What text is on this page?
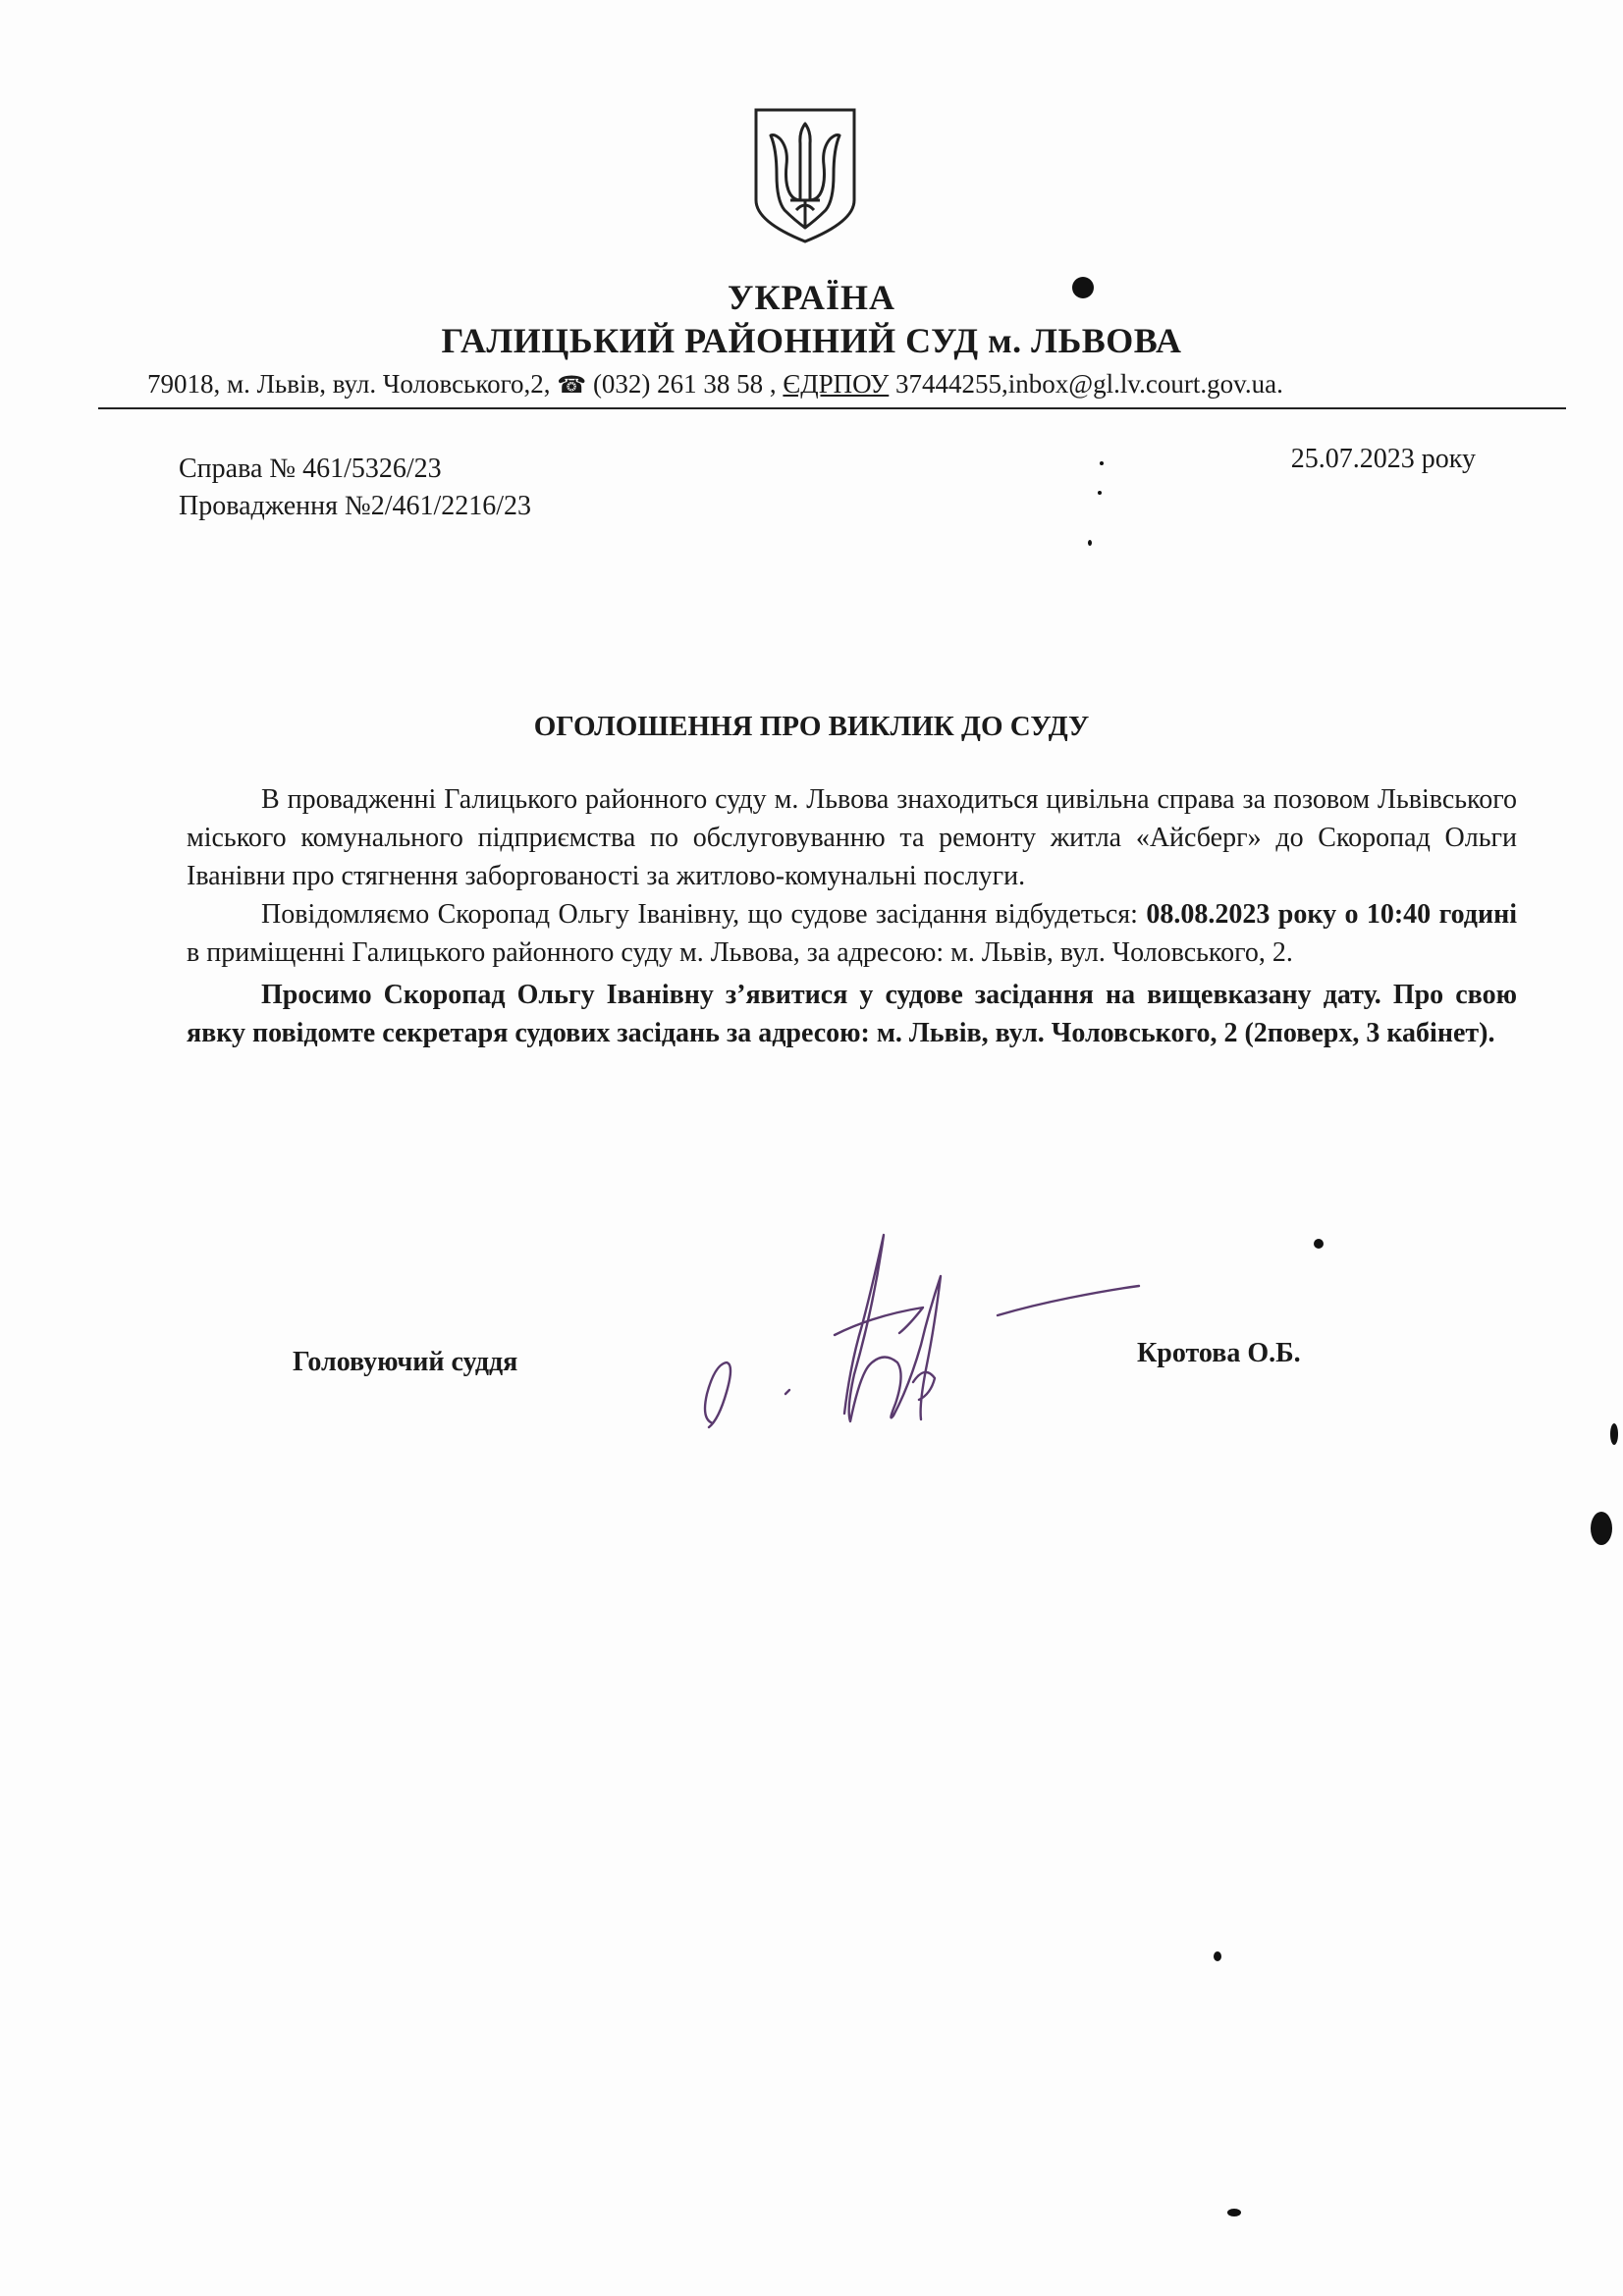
УКРАЇНА
ГАЛИЦЬКИЙ РАЙОННИЙ СУД м. ЛЬВОВА
79018, м. Львів, вул. Чоловського,2, ☎ (032) 261 38 58 , ЄДРПОУ 37444255,inbox@gl.lv.court.gov.ua.
Справа № 461/5326/23
Провадження №2/461/2216/23
25.07.2023 року
ОГОЛОШЕННЯ ПРО ВИКЛИК ДО СУДУ

В провадженні Галицького районного суду м. Львова знаходиться цивільна справа за позовом Львівського міського комунального підприємства по обслуговуванню та ремонту житла «Айсберг» до Скоропад Ольги Іванівни про стягнення заборгованості за житлово-комунальні послуги.

Повідомляємо Скоропад Ольгу Іванівну, що судове засідання відбудеться: 08.08.2023 року о 10:40 годині в приміщенні Галицького районного суду м. Львова, за адресою: м. Львів, вул. Чоловського, 2.

Просимо Скоропад Ольгу Іванівну з’явитися у судове засідання на вищевказану дату. Про свою явку повідомте секретаря судових засідань за адресою: м. Львів, вул. Чоловського, 2 (2поверх, 3 кабінет).

Головуючий суддя	Кротова О.Б.
